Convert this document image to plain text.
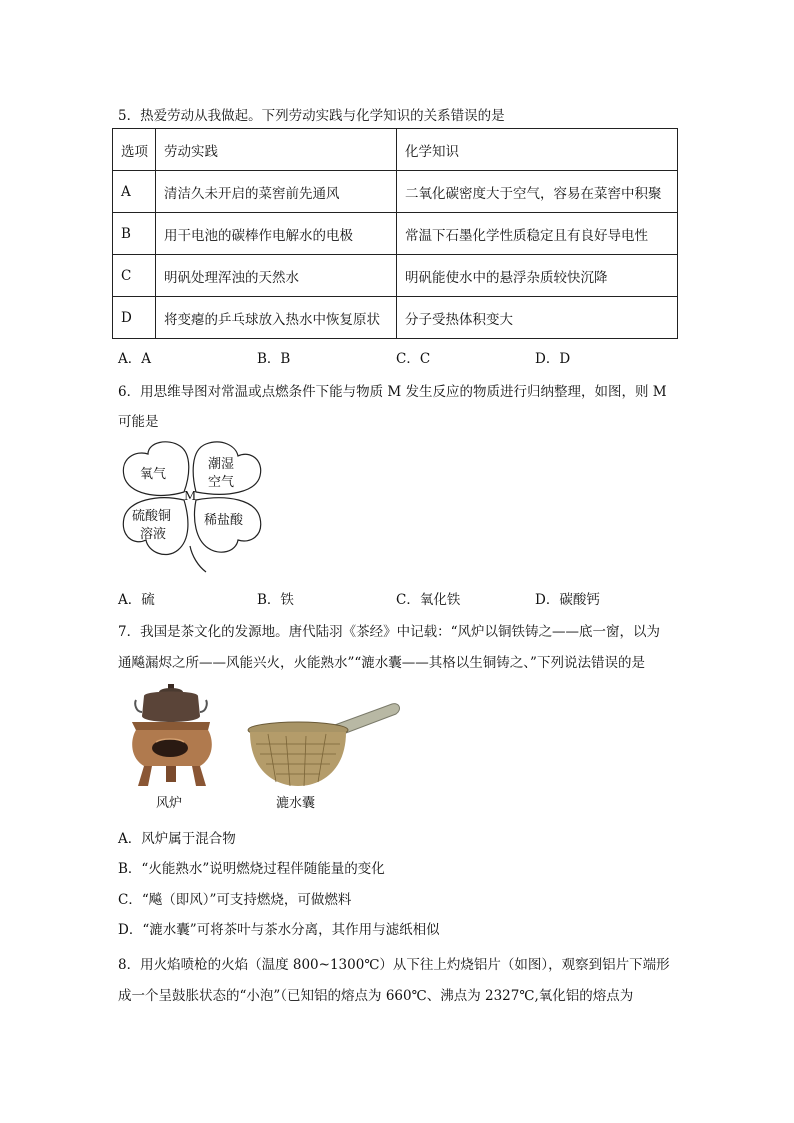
5．热爱劳动从我做起。下列劳动实践与化学知识的关系错误的是
选项	劳动实践	化学知识
A	清洁久未开启的菜窖前先通风	二氧化碳密度大于空气，容易在菜窖中积聚
B	用干电池的碳棒作电解水的电极	常温下石墨化学性质稳定且有良好导电性
C	明矾处理浑浊的天然水	明矾能使水中的悬浮杂质较快沉降
D	将变瘪的乒乓球放入热水中恢复原状	分子受热体积变大
A．A	B．B	C．C	D．D
6．用思维导图对常温或点燃条件下能与物质 M 发生反应的物质进行归纳整理，如图，则 M
可能是
氧气
潮湿
空气
M
硫酸铜
溶液
稀盐酸
A．硫	B．铁	C．氧化铁	D．碳酸钙
7．我国是茶文化的发源地。唐代陆羽《茶经》中记载：“风炉以铜铁铸之——底一窗，以为
通飚漏烬之所——风能兴火，火能熟水”“漉水囊——其格以生铜铸之、”下列说法错误的是
风炉	漉水囊
A．风炉属于混合物
B．“火能熟水”说明燃烧过程伴随能量的变化
C．“飚（即风）”可支持燃烧，可做燃料
D．“漉水囊”可将茶叶与茶水分离，其作用与滤纸相似
8．用火焰喷枪的火焰（温度 800~1300℃）从下往上灼烧铝片（如图），观察到铝片下端形
成一个呈鼓胀状态的“小泡”（已知铝的熔点为 660℃、沸点为 2327℃,氧化铝的熔点为
